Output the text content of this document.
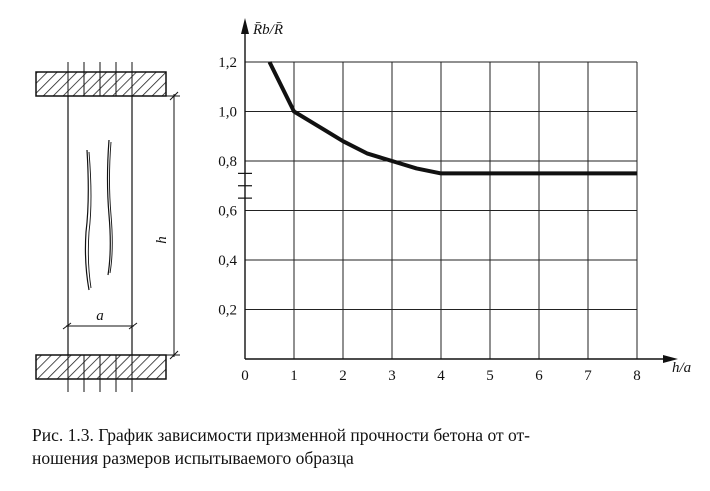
a
h
0	1	2	3	4	5	6	7	8
0,2
0,4
0,6
0,8
1,0
1,2
R̄b/R̄
h/a
Рис. 1.3. График зависимости призменной прочности бетона от от-
ношения размеров испытываемого образца
